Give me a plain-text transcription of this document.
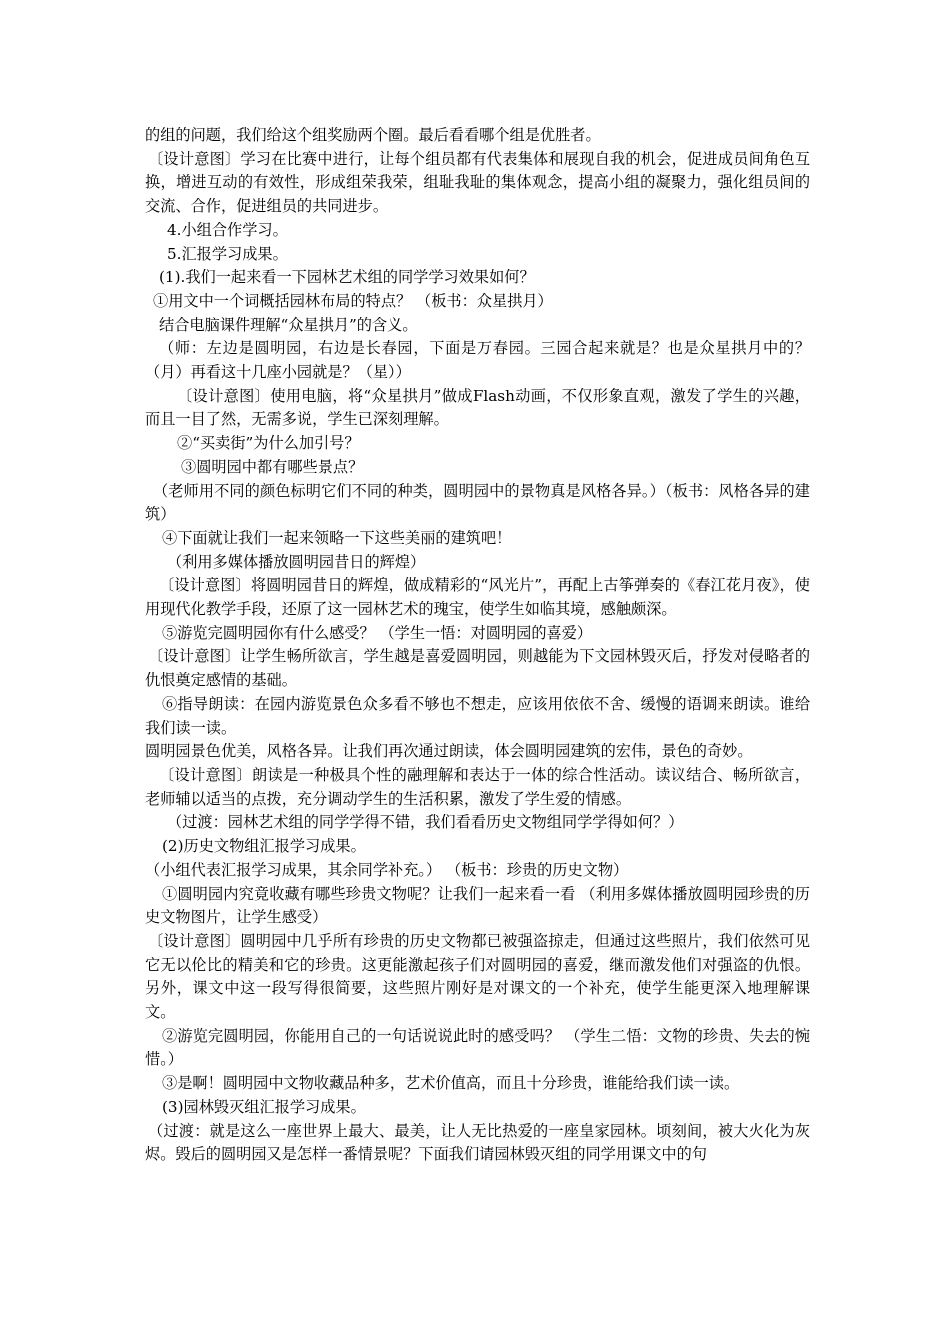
的组的问题，我们给这个组奖励两个圈。最后看看哪个组是优胜者。

〔设计意图〕学习在比赛中进行，让每个组员都有代表集体和展现自我的机会，促进成员间角色互换，增进互动的有效性，形成组荣我荣，组耻我耻的集体观念，提高小组的凝聚力，强化组员间的交流、合作，促进组员的共同进步。

4.小组合作学习。

5.汇报学习成果。

(1).我们一起来看一下园林艺术组的同学学习效果如何？

①用文中一个词概括园林布局的特点？ （板书：众星拱月）

结合电脑课件理解“众星拱月”的含义。

（师：左边是圆明园，右边是长春园，下面是万春园。三园合起来就是？也是众星拱月中的？（月）再看这十几座小园就是？（星））

〔设计意图〕使用电脑，将“众星拱月”做成Flash动画，不仅形象直观，激发了学生的兴趣，而且一目了然，无需多说，学生已深刻理解。

②“买卖街”为什么加引号？

③圆明园中都有哪些景点？

（老师用不同的颜色标明它们不同的种类，圆明园中的景物真是风格各异。）（板书：风格各异的建筑）

④下面就让我们一起来领略一下这些美丽的建筑吧！

（利用多媒体播放圆明园昔日的辉煌）

〔设计意图〕将圆明园昔日的辉煌，做成精彩的“风光片”，再配上古筝弹奏的《春江花月夜》，使用现代化教学手段，还原了这一园林艺术的瑰宝，使学生如临其境，感触颇深。

⑤游览完圆明园你有什么感受？ （学生一悟：对圆明园的喜爱）

〔设计意图〕让学生畅所欲言，学生越是喜爱圆明园，则越能为下文园林毁灭后，抒发对侵略者的仇恨奠定感情的基础。

⑥指导朗读：在园内游览景色众多看不够也不想走，应该用依依不舍、缓慢的语调来朗读。谁给我们读一读。

圆明园景色优美，风格各异。让我们再次通过朗读，体会圆明园建筑的宏伟，景色的奇妙。

〔设计意图〕朗读是一种极具个性的融理解和表达于一体的综合性活动。读议结合、畅所欲言，老师辅以适当的点拨，充分调动学生的生活积累，激发了学生爱的情感。

（过渡：园林艺术组的同学学得不错，我们看看历史文物组同学学得如何？）

(2)历史文物组汇报学习成果。

（小组代表汇报学习成果，其余同学补充。） （板书：珍贵的历史文物）

①圆明园内究竟收藏有哪些珍贵文物呢？让我们一起来看一看 （利用多媒体播放圆明园珍贵的历史文物图片，让学生感受）

〔设计意图〕圆明园中几乎所有珍贵的历史文物都已被强盗掠走，但通过这些照片，我们依然可见它无以伦比的精美和它的珍贵。这更能激起孩子们对圆明园的喜爱，继而激发他们对强盗的仇恨。另外，课文中这一段写得很简要，这些照片刚好是对课文的一个补充，使学生能更深入地理解课文。

②游览完圆明园，你能用自己的一句话说说此时的感受吗？ （学生二悟：文物的珍贵、失去的惋惜。）

③是啊！圆明园中文物收藏品种多，艺术价值高，而且十分珍贵，谁能给我们读一读。

(3)园林毁灭组汇报学习成果。

（过渡：就是这么一座世界上最大、最美，让人无比热爱的一座皇家园林。顷刻间，被大火化为灰烬。毁后的圆明园又是怎样一番情景呢？下面我们请园林毁灭组的同学用课文中的句
